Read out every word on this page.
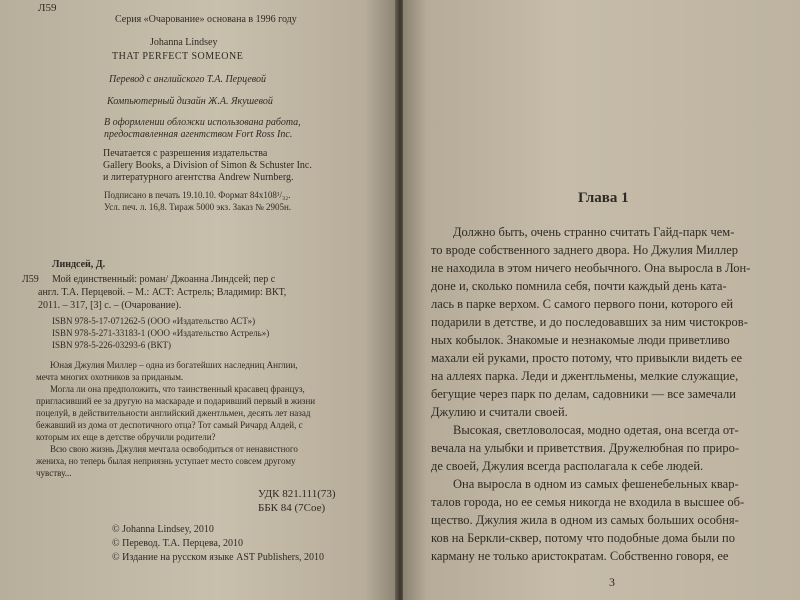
Л59
Серия «Очарование» основана в 1996 году
Johanna Lindsey
THAT PERFECT SOMEONE
Перевод с английского Т.А. Перцевой
Компьютерный дизайн Ж.А. Якушевой
В оформлении обложки использована работа,
предоставленная агентством Fort Ross Inc.
Печатается с разрешения издательства
Gallery Books, a Division of Simon & Schuster Inc.
и литературного агентства Andrew Nurnberg.
Подписано в печать 19.10.10. Формат 84х108¹/₃₂.
Усл. печ. л. 16,8. Тираж 5000 экз. Заказ № 2905н.
Линдсей, Д.
Л59 Мой единственный: роман/ Джоанна Линдсей; пер с
англ. Т.А. Перцевой. – М.: АСТ: Астрель; Владимир: ВКТ,
2011. – 317, [3] с. – (Очарование).
ISBN 978-5-17-071262-5 (ООО «Издательство АСТ»)
ISBN 978-5-271-33183-1 (ООО «Издательство Астрель»)
ISBN 978-5-226-03293-6 (ВКТ)
Юная Джулия Миллер – одна из богатейших наследниц Англии,
мечта многих охотников за приданым.
Могла ли она предположить, что таинственный красавец француз,
пригласивший ее за другую на маскараде и подаривший первый в жизни
поцелуй, в действительности английский джентльмен, десять лет назад
бежавший из дома от деспотичного отца? Тот самый Ричард Алдей, с
которым их еще в детстве обручили родители?
Всю свою жизнь Джулия мечтала освободиться от ненавистного
жениха, но теперь былая неприязнь уступает место совсем другому
чувству...
УДК 821.111(73)
ББК 84 (7Сое)
© Johanna Lindsey, 2010
© Перевод. Т.А. Перцева, 2010
© Издание на русском языке AST Publishers, 2010
Глава 1
Должно быть, очень странно считать Гайд-парк чем-
то вроде собственного заднего двора. Но Джулия Миллер
не находила в этом ничего необычного. Она выросла в Лон-
доне и, сколько помнила себя, почти каждый день ката-
лась в парке верхом. С самого первого пони, которого ей
подарили в детстве, и до последовавших за ним чистокров-
ных кобылок. Знакомые и незнакомые люди приветливо
махали ей руками, просто потому, что привыкли видеть ее
на аллеях парка. Леди и джентльмены, мелкие служащие,
бегущие через парк по делам, садовники — все замечали
Джулию и считали своей.
Высокая, светловолосая, модно одетая, она всегда от-
вечала на улыбки и приветствия. Дружелюбная по приро-
де своей, Джулия всегда располагала к себе людей.
Она выросла в одном из самых фешенебельных квар-
талов города, но ее семья никогда не входила в высшее об-
щество. Джулия жила в одном из самых больших особня-
ков на Беркли-сквер, потому что подобные дома были по
карману не только аристократам. Собственно говоря, ее
3
